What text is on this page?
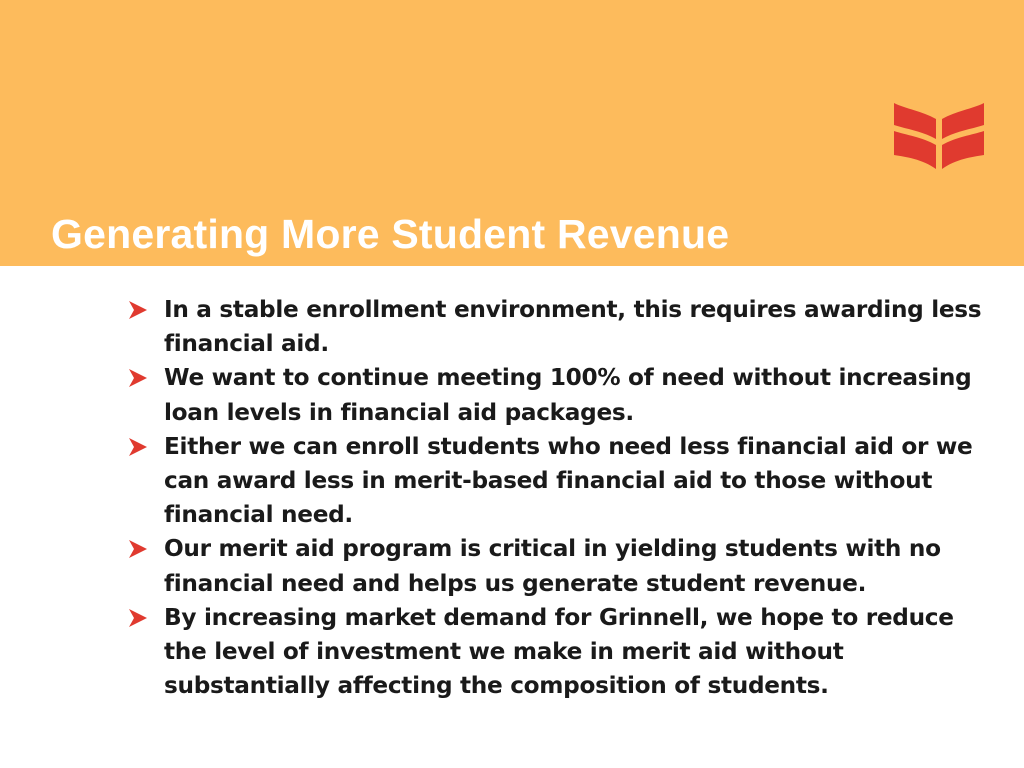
Generating More Student Revenue
In a stable enrollment environment, this requires awarding less financial aid.
We want to continue meeting 100% of need without increasing loan levels in financial aid packages.
Either we can enroll students who need less financial aid or we can award less in merit-based financial aid to those without financial need.
Our merit aid program is critical in yielding students with no financial need and helps us generate student revenue.
By increasing market demand for Grinnell, we hope to reduce the level of investment we make in merit aid without substantially affecting the composition of students.
